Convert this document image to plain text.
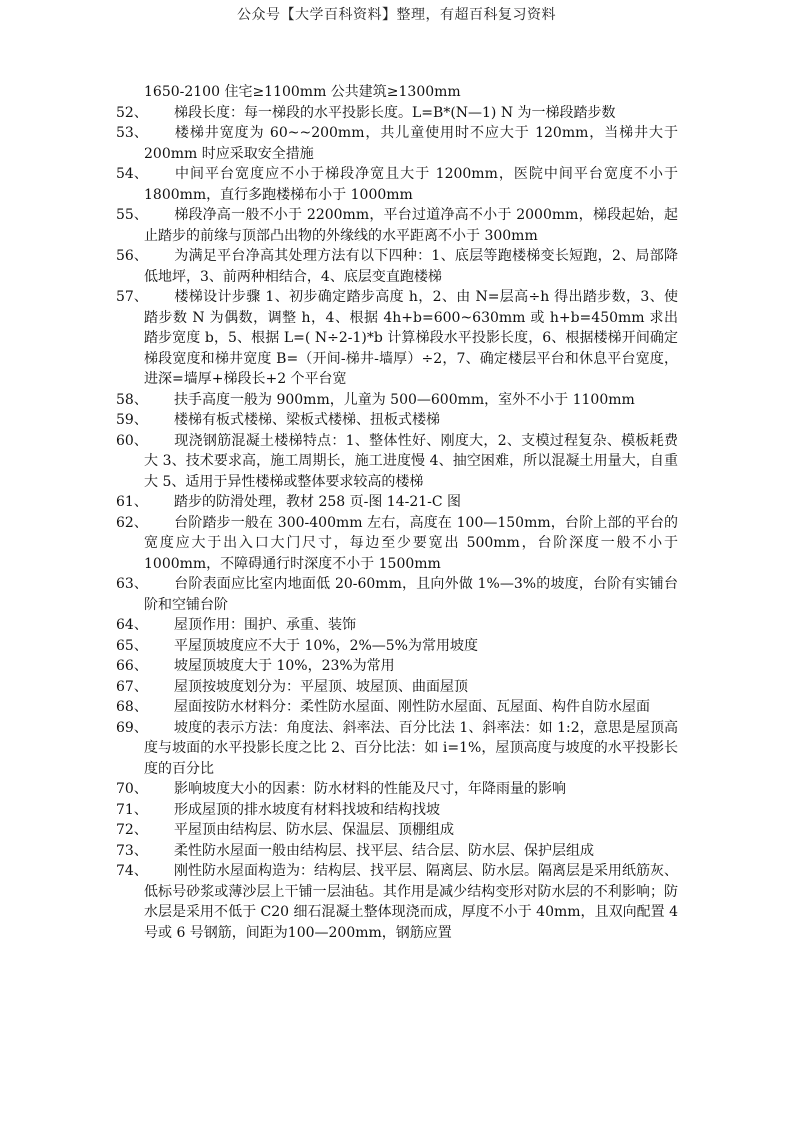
公众号【大学百科资料】整理，有超百科复习资料
1650-2100 住宅≥1100mm 公共建筑≥1300mm
52、	梯段长度：每一梯段的水平投影长度。L=B*(N—1) N 为一梯段踏步数
53、	楼梯井宽度为 60~~200mm，共儿童使用时不应大于 120mm，当梯井大于 200mm 时应采取安全措施
54、	中间平台宽度应不小于梯段净宽且大于 1200mm，医院中间平台宽度不小于 1800mm，直行多跑楼梯布小于 1000mm
55、	梯段净高一般不小于 2200mm，平台过道净高不小于 2000mm，梯段起始，起止踏步的前缘与顶部凸出物的外缘线的水平距离不小于 300mm
56、	为满足平台净高其处理方法有以下四种：1、底层等跑楼梯变长短跑，2、局部降低地坪，3、前两种相结合，4、底层变直跑楼梯
57、	楼梯设计步骤 1、初步确定踏步高度 h，2、由 N=层高÷h 得出踏步数，3、使踏步数 N 为偶数，调整 h，4、根据 4h+b=600~630mm 或 h+b=450mm 求出踏步宽度 b，5、根据 L=( N÷2-1)*b 计算梯段水平投影长度，6、根据楼梯开间确定梯段宽度和梯井宽度 B=（开间-梯井-墙厚）÷2，7、确定楼层平台和休息平台宽度，进深=墙厚+梯段长+2 个平台宽
58、	扶手高度一般为 900mm，儿童为 500—600mm，室外不小于 1100mm
59、	楼梯有板式楼梯、梁板式楼梯、扭板式楼梯
60、	现浇钢筋混凝土楼梯特点：1、整体性好、刚度大，2、支模过程复杂、模板耗费大 3、技术要求高，施工周期长，施工进度慢 4、抽空困难，所以混凝土用量大，自重大 5、适用于异性楼梯或整体要求较高的楼梯
61、	踏步的防滑处理，教材 258 页-图 14-21-C 图
62、	台阶踏步一般在 300-400mm 左右，高度在 100—150mm，台阶上部的平台的宽度应大于出入口大门尺寸，每边至少要宽出 500mm，台阶深度一般不小于 1000mm，不障碍通行时深度不小于 1500mm
63、	台阶表面应比室内地面低 20-60mm，且向外做 1%—3%的坡度，台阶有实铺台阶和空铺台阶
64、	屋顶作用：围护、承重、装饰
65、	平屋顶坡度应不大于 10%，2%—5%为常用坡度
66、	坡屋顶坡度大于 10%，23%为常用
67、	屋顶按坡度划分为：平屋顶、坡屋顶、曲面屋顶
68、	屋面按防水材料分：柔性防水屋面、刚性防水屋面、瓦屋面、构件自防水屋面
69、	坡度的表示方法：角度法、斜率法、百分比法 1、斜率法：如 1:2，意思是屋顶高度与坡面的水平投影长度之比 2、百分比法：如 i=1%，屋顶高度与坡度的水平投影长度的百分比
70、	影响坡度大小的因素：防水材料的性能及尺寸，年降雨量的影响
71、	形成屋顶的排水坡度有材料找坡和结构找坡
72、	平屋顶由结构层、防水层、保温层、顶棚组成
73、	柔性防水屋面一般由结构层、找平层、结合层、防水层、保护层组成
74、	刚性防水屋面构造为：结构层、找平层、隔离层、防水层。隔离层是采用纸筋灰、低标号砂浆或薄沙层上干铺一层油毡。其作用是减少结构变形对防水层的不利影响；防水层是采用不低于 C20 细石混凝土整体现浇而成，厚度不小于 40mm，且双向配置 4 号或 6 号钢筋，间距为100—200mm，钢筋应置
